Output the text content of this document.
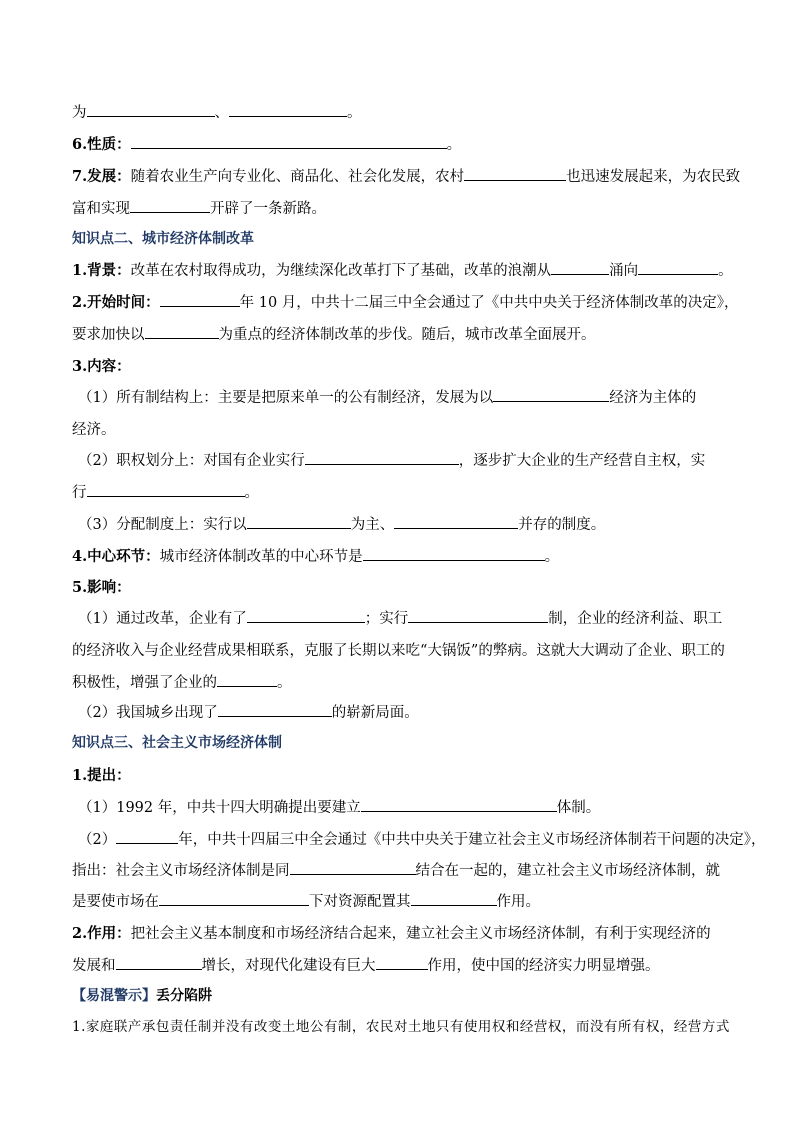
为	、	。
6.性质：	。
7.发展：随着农业生产向专业化、商品化、社会化发展，农村	也迅速发展起来，为农民致
富和实现	开辟了一条新路。
知识点二、城市经济体制改革
1.背景：改革在农村取得成功，为继续深化改革打下了基础，改革的浪潮从	涌向	。
2.开始时间：	年 10 月，中共十二届三中全会通过了《中共中央关于经济体制改革的决定》，
要求加快以	为重点的经济体制改革的步伐。随后，城市改革全面展开。
3.内容：
（1）所有制结构上：主要是把原来单一的公有制经济，发展为以	经济为主体的
经济。
（2）职权划分上：对国有企业实行	，逐步扩大企业的生产经营自主权，实
行	。
（3）分配制度上：实行以	为主、	并存的制度。
4.中心环节：城市经济体制改革的中心环节是	。
5.影响：
（1）通过改革，企业有了	；实行	制，企业的经济利益、职工
的经济收入与企业经营成果相联系，克服了长期以来吃“大锅饭”的弊病。这就大大调动了企业、职工的
积极性，增强了企业的	。
（2）我国城乡出现了	的崭新局面。
知识点三、社会主义市场经济体制
1.提出：
（1）1992 年，中共十四大明确提出要建立	体制。
（2）	年，中共十四届三中全会通过《中共中央关于建立社会主义市场经济体制若干问题的决定》，
指出：社会主义市场经济体制是同	结合在一起的，建立社会主义市场经济体制，就
是要使市场在	下对资源配置其	作用。
2.作用：把社会主义基本制度和市场经济结合起来，建立社会主义市场经济体制，有利于实现经济的
发展和	增长，对现代化建设有巨大	作用，使中国的经济实力明显增强。
【易混警示】丢分陷阱
1.家庭联产承包责任制并没有改变土地公有制，农民对土地只有使用权和经营权，而没有所有权，经营方式
